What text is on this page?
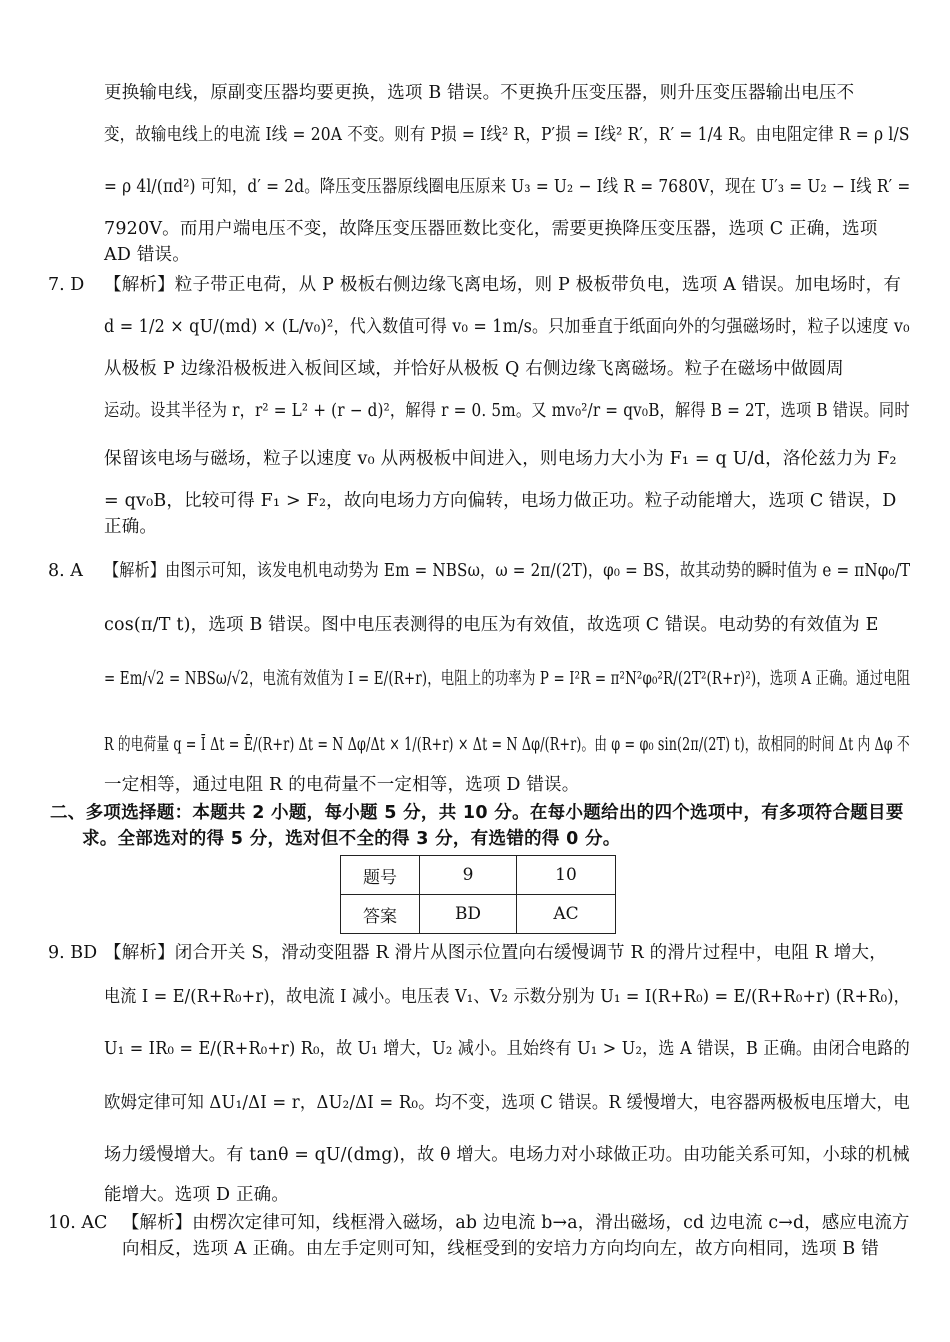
更换输电线，原副变压器均要更换，选项 B 错误。不更换升压变压器，则升压变压器输出电压不
变，故输电线上的电流 I线 = 20A 不变。则有 P损 = I线² R，P′损 = I线² R′，R′ = 1/4 R。由电阻定律 R = ρ l/S
= ρ 4l/(πd²) 可知，d′ = 2d。降压变压器原线圈电压原来 U₃ = U₂ − I线 R = 7680V，现在 U′₃ = U₂ − I线 R′ =
7920V。而用户端电压不变，故降压变压器匝数比变化，需要更换降压变压器，选项 C 正确，选项
AD 错误。
7. D 【解析】粒子带正电荷，从 P 极板右侧边缘飞离电场，则 P 极板带负电，选项 A 错误。加电场时，有
d = 1/2 × qU/(md) × (L/v₀)²，代入数值可得 v₀ = 1m/s。只加垂直于纸面向外的匀强磁场时，粒子以速度 v₀
从极板 P 边缘沿极板进入板间区域，并恰好从极板 Q 右侧边缘飞离磁场。粒子在磁场中做圆周
运动。设其半径为 r，r² = L² + (r − d)²，解得 r = 0. 5m。又 mv₀²/r = qv₀B，解得 B = 2T，选项 B 错误。同时
保留该电场与磁场，粒子以速度 v₀ 从两极板中间进入，则电场力大小为 F₁ = q U/d，洛伦兹力为 F₂
= qv₀B，比较可得 F₁ > F₂，故向电场力方向偏转，电场力做正功。粒子动能增大，选项 C 错误，D
正确。
8. A 【解析】由图示可知，该发电机电动势为 Em = NBSω，ω = 2π/(2T)，φ₀ = BS，故其动势的瞬时值为 e = πNφ₀/T
cos(π/T t)，选项 B 错误。图中电压表测得的电压为有效值，故选项 C 错误。电动势的有效值为 E
= Em/√2 = NBSω/√2，电流有效值为 I = E/(R+r)，电阻上的功率为 P = I²R = π²N²φ₀²R/(2T²(R+r)²)，选项 A 正确。通过电阻
R 的电荷量 q = Ī Δt = Ē/(R+r) Δt = N Δφ/Δt × 1/(R+r) × Δt = N Δφ/(R+r)。由 φ = φ₀ sin(2π/(2T) t)，故相同的时间 Δt 内 Δφ 不
一定相等，通过电阻 R 的电荷量不一定相等，选项 D 错误。
二、多项选择题：本题共 2 小题，每小题 5 分，共 10 分。在每小题给出的四个选项中，有多项符合题目要
求。全部选对的得 5 分，选对但不全的得 3 分，有选错的得 0 分。
题号	9	10
答案	BD	AC
9. BD 【解析】闭合开关 S，滑动变阻器 R 滑片从图示位置向右缓慢调节 R 的滑片过程中，电阻 R 增大，
电流 I = E/(R+R₀+r)，故电流 I 减小。电压表 V₁、V₂ 示数分别为 U₁ = I(R+R₀) = E/(R+R₀+r) (R+R₀)，
U₁ = IR₀ = E/(R+R₀+r) R₀，故 U₁ 增大，U₂ 减小。且始终有 U₁ > U₂，选 A 错误，B 正确。由闭合电路的
欧姆定律可知 ΔU₁/ΔI = r，ΔU₂/ΔI = R₀。均不变，选项 C 错误。R 缓慢增大，电容器两极板电压增大，电
场力缓慢增大。有 tanθ = qU/(dmg)，故 θ 增大。电场力对小球做正功。由功能关系可知，小球的机械
能增大。选项 D 正确。
10. AC 【解析】由楞次定律可知，线框滑入磁场，ab 边电流 b→a，滑出磁场，cd 边电流 c→d，感应电流方
向相反，选项 A 正确。由左手定则可知，线框受到的安培力方向均向左，故方向相同，选项 B 错
